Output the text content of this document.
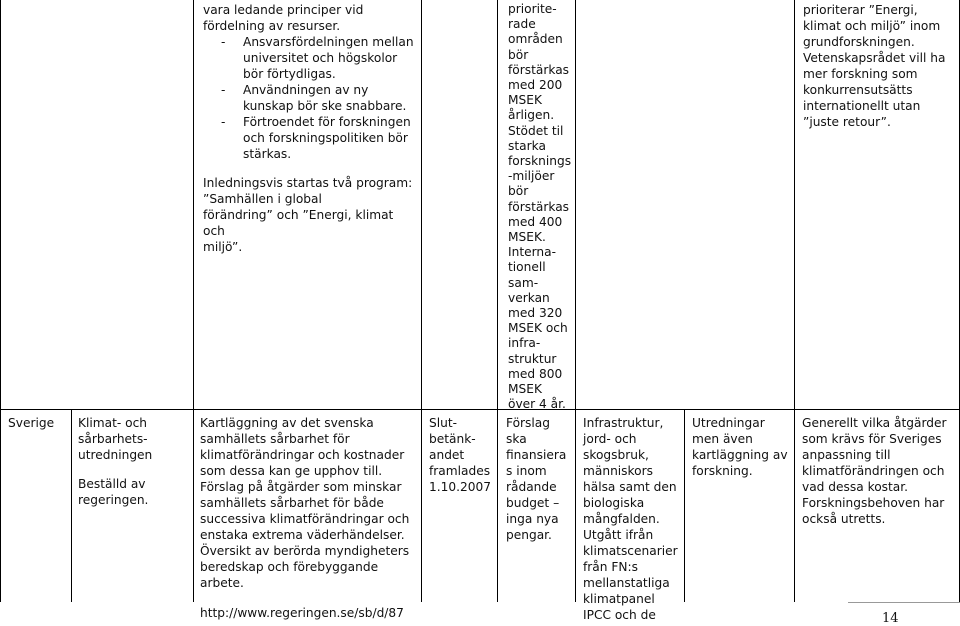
vara ledande principer vid

fördelning av resurser.

- Ansvarsfördelningen mellan

universitet och högskolor

bör förtydligas.

- Användningen av ny

kunskap bör ske snabbare.

- Förtroendet för forskningen

och forskningspolitiken bör

stärkas.

Inledningsvis startas två program:

”Samhällen i global

förändring” och ”Energi, klimat och

miljö”.

priorite-

rade

områden

bör

förstärkas

med 200

MSEK

årligen.

Stödet til

starka

forsknings

-miljöer

bör

förstärkas

med 400

MSEK.

Interna-

tionell

sam-

verkan

med 320

MSEK och

infra-

struktur

med 800

MSEK

över 4 år.

prioriterar ”Energi,

klimat och miljö” inom

grundforskningen.

Vetenskapsrådet vill ha

mer forskning som

konkurrensutsätts

internationellt utan

”juste retour”.

Sverige	Klimat- och

sårbarhets-

utredningen

Beställd av

regeringen.

Kartläggning av det svenska

samhällets sårbarhet för

klimatförändringar och kostnader

som dessa kan ge upphov till.

Förslag på åtgärder som minskar

samhällets sårbarhet för både

successiva klimatförändringar och

enstaka extrema väderhändelser.

Översikt av berörda myndigheters

beredskap och förebyggande

arbete.

http://www.regeringen.se/sb/d/87

Slut-

betänk-

andet

framlades

1.10.2007

Förslag

ska

finansiera

s inom

rådande

budget –

inga nya

pengar.

Infrastruktur,

jord- och

skogsbruk,

människors

hälsa samt den

biologiska

mångfalden.

Utgått ifrån

klimatscenarier

från FN:s

mellanstatliga

klimatpanel

IPCC och de

Utredningar

men även

kartläggning av

forskning.

Generellt vilka åtgärder

som krävs för Sveriges

anpassning till

klimatförändringen och

vad dessa kostar.

Forskningsbehoven har

också utretts.

14
